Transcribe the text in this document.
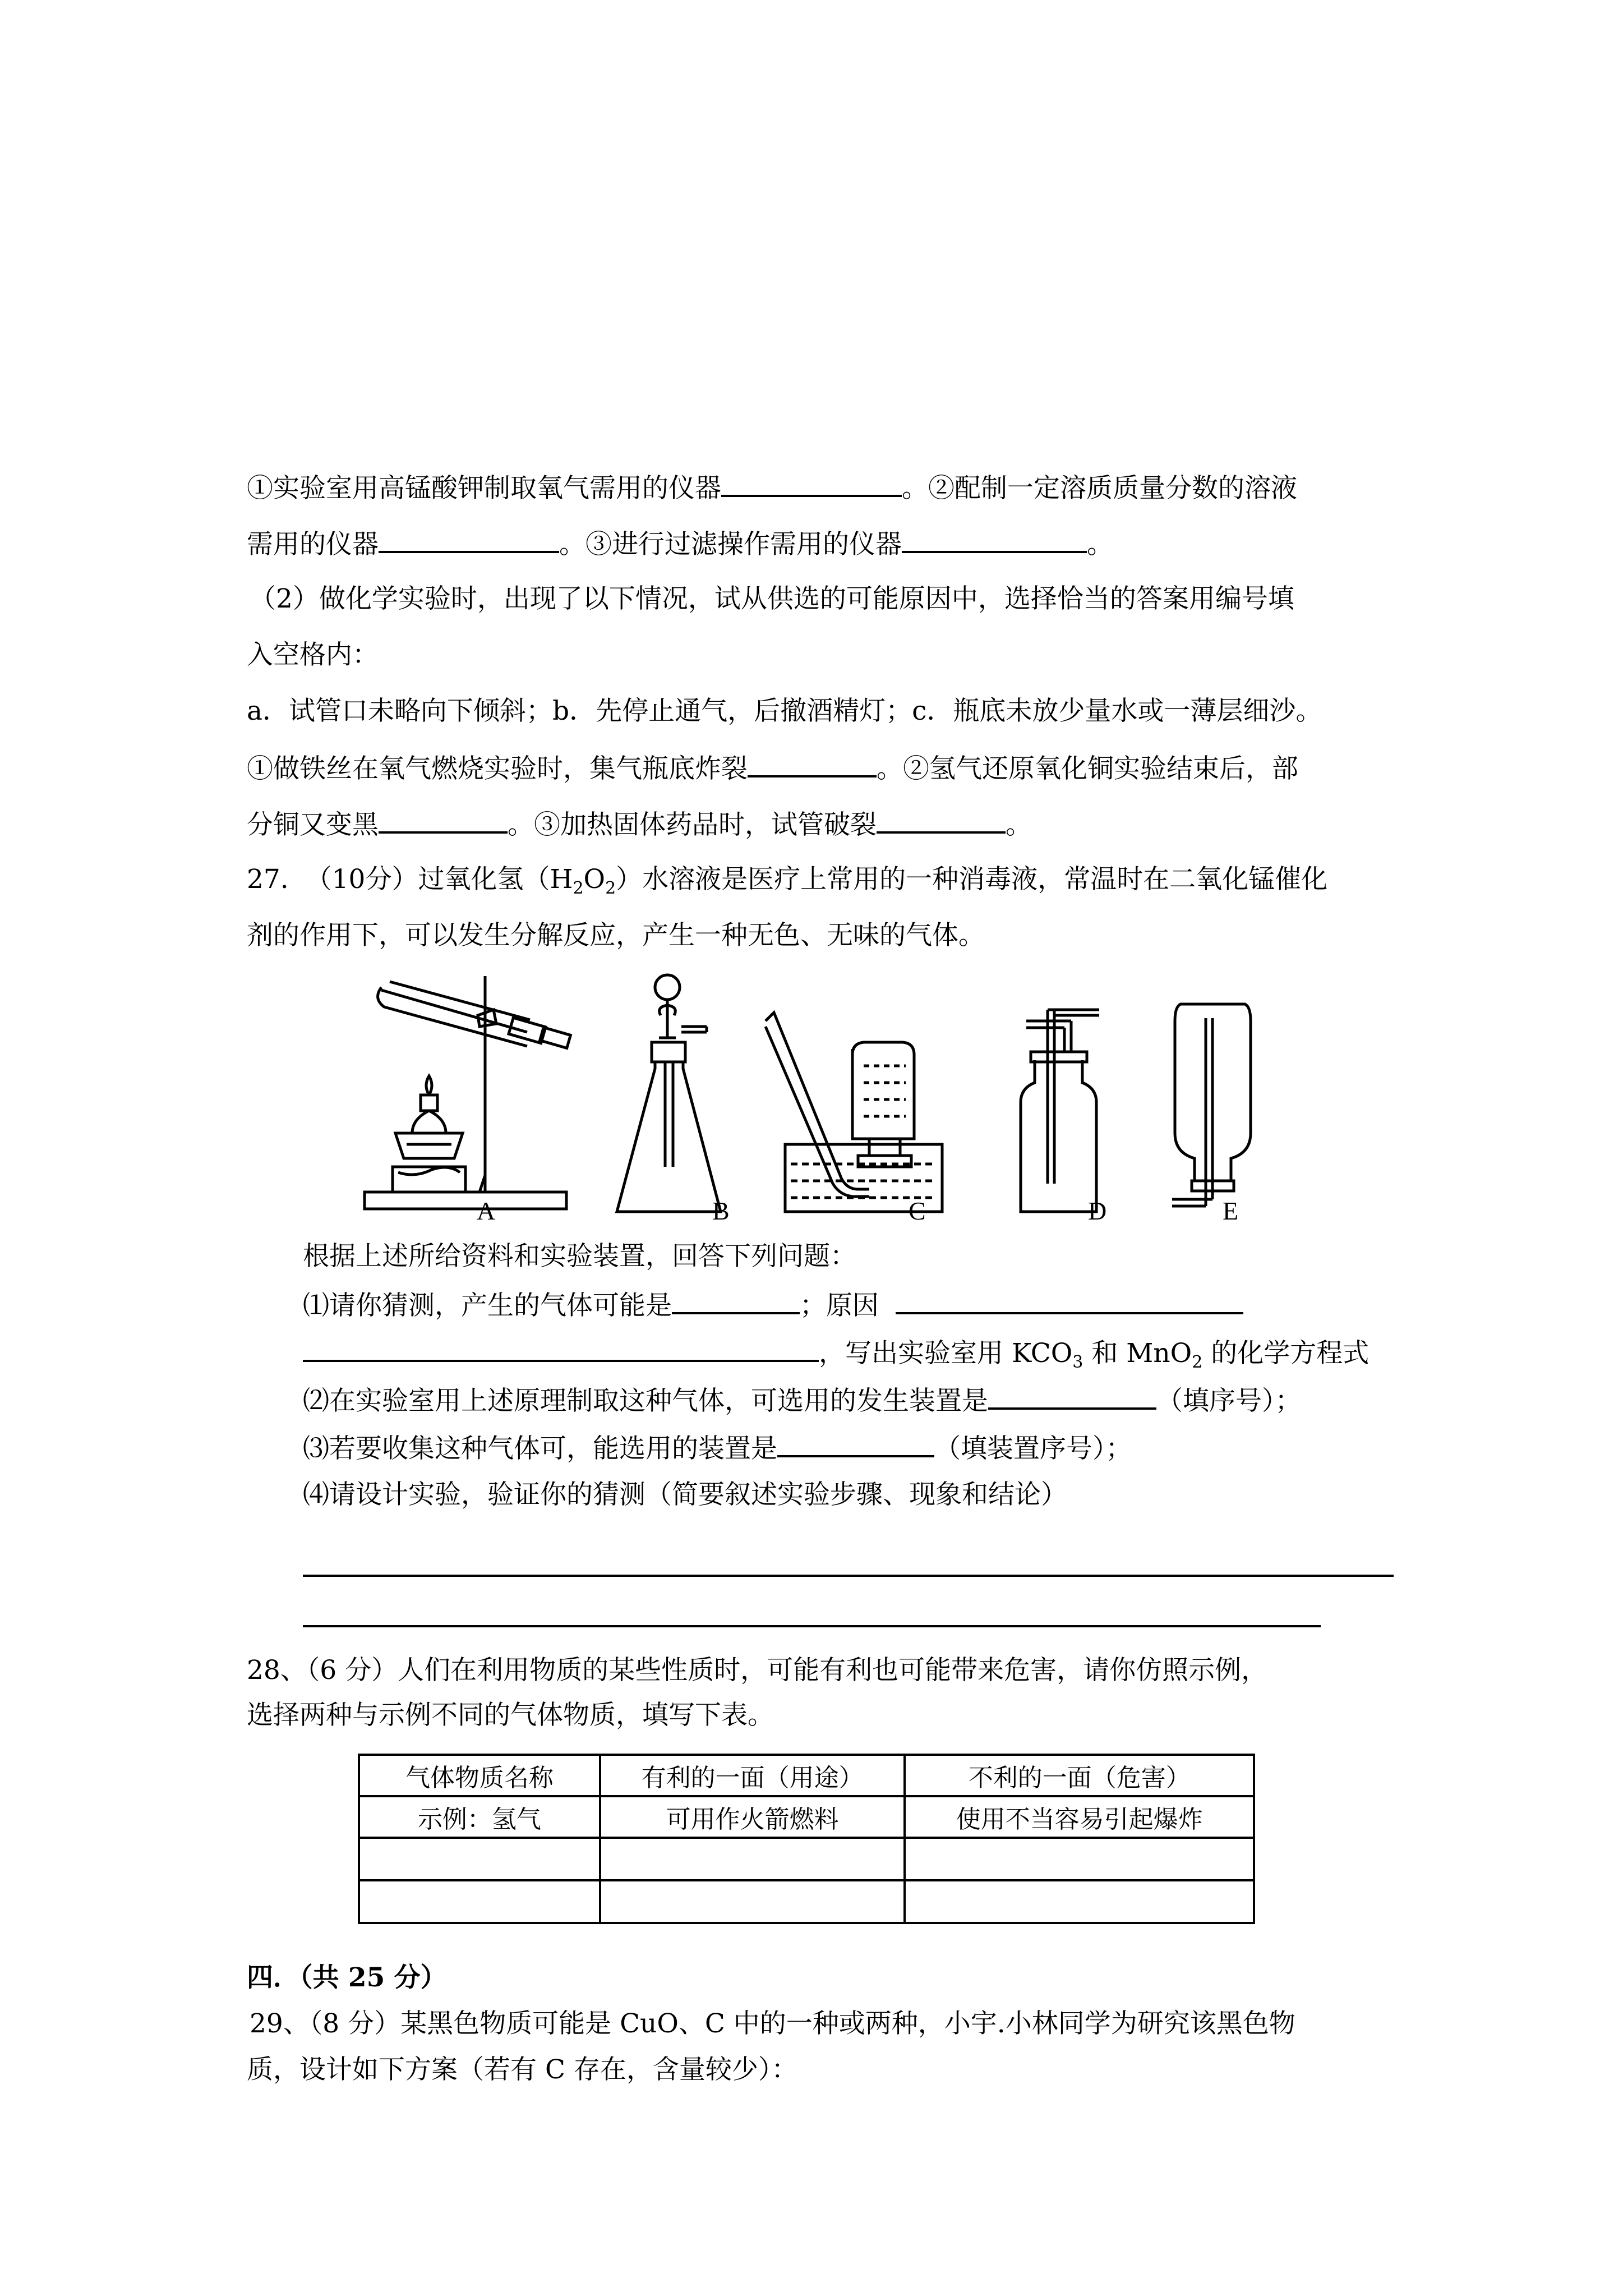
①实验室用高锰酸钾制取氧气需用的仪器	。②配制一定溶质质量分数的溶液
需用的仪器	。③进行过滤操作需用的仪器	。
（2）做化学实验时，出现了以下情况，试从供选的可能原因中，选择恰当的答案用编号填
入空格内：
a．试管口未略向下倾斜；b．先停止通气，后撤酒精灯；c．瓶底未放少量水或一薄层细沙。
①做铁丝在氧气燃烧实验时，集气瓶底炸裂	。②氢气还原氧化铜实验结束后，部
分铜又变黑	。③加热固体药品时，试管破裂	。
27. （10分）过氧化氢$(H_2O_2)$水溶液是医疗上常用的一种消毒液，常温时在二氧化锰催化
剂的作用下，可以发生分解反应，产生一种无色、无味的气体。
A	B	C	D	E
根据上述所给资料和实验装置，回答下列问题：
⑴请你猜测，产生的气体可能是	；原因
，写出实验室用 $KCO_3$ 和 MnO$_2$ 的化学方程式
⑵在实验室用上述原理制取这种气体，可选用的发生装置是	（填序号）；
⑶若要收集这种气体可，能选用的装置是	（填装置序号）；
⑷请设计实验，验证你的猜测（简要叙述实验步骤、现象和结论）
28、（6 分）人们在利用物质的某些性质时，可能有利也可能带来危害，请你仿照示例，
选择两种与示例不同的气体物质，填写下表。
气体物质名称	有利的一面（用途）	不利的一面（危害）
示例：氢气	可用作火箭燃料	使用不当容易引起爆炸

四．（共 25 分）
29、（8 分）某黑色物质可能是 CuO、C 中的一种或两种，小宇.小林同学为研究该黑色物
质，设计如下方案（若有 C 存在，含量较少）：
